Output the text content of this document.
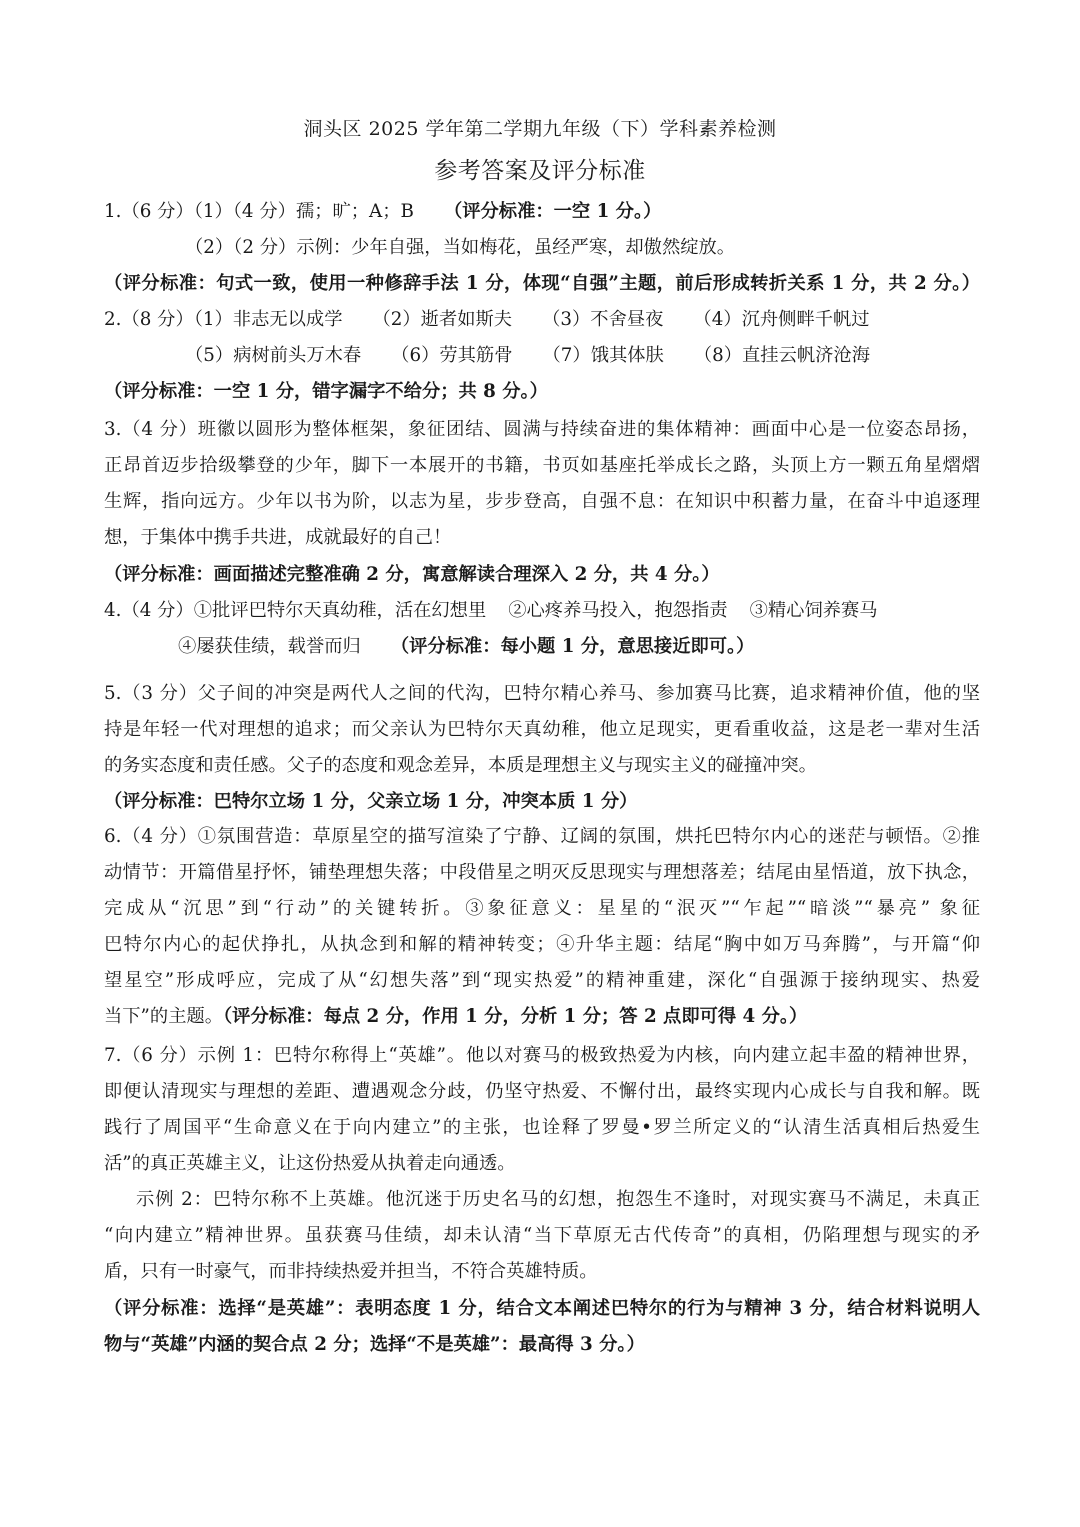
洞头区 2025 学年第二学期九年级（下）学科素养检测
参考答案及评分标准
1.（6 分）（1）（4 分）孺；旷；A；B （评分标准：一空 1 分。）
（2）（2 分）示例：少年自强，当如梅花，虽经严寒，却傲然绽放。
（评分标准：句式一致，使用一种修辞手法 1 分，体现“自强”主题，前后形成转折关系 1 分，共 2 分。）
2.（8 分）（1）非志无以成学 （2）逝者如斯夫 （3）不舍昼夜 （4）沉舟侧畔千帆过
（5）病树前头万木春 （6）劳其筋骨 （7）饿其体肤 （8）直挂云帆济沧海
（评分标准：一空 1 分，错字漏字不给分；共 8 分。）
3.（4 分）班徽以圆形为整体框架，象征团结、圆满与持续奋进的集体精神：画面中心是一位姿态昂扬，
正昂首迈步拾级攀登的少年，脚下一本展开的书籍，书页如基座托举成长之路，头顶上方一颗五角星熠熠
生辉，指向远方。少年以书为阶，以志为星，步步登高，自强不息：在知识中积蓄力量，在奋斗中追逐理
想，于集体中携手共进，成就最好的自己！
（评分标准：画面描述完整准确 2 分，寓意解读合理深入 2 分，共 4 分。）
4.（4 分）①批评巴特尔天真幼稚，活在幻想里 ②心疼养马投入，抱怨指责 ③精心饲养赛马
④屡获佳绩，载誉而归 （评分标准：每小题 1 分，意思接近即可。）
5.（3 分）父子间的冲突是两代人之间的代沟，巴特尔精心养马、参加赛马比赛，追求精神价值，他的坚
持是年轻一代对理想的追求；而父亲认为巴特尔天真幼稚，他立足现实，更看重收益，这是老一辈对生活
的务实态度和责任感。父子的态度和观念差异，本质是理想主义与现实主义的碰撞冲突。
（评分标准：巴特尔立场 1 分，父亲立场 1 分，冲突本质 1 分）
6.（4 分）①氛围营造：草原星空的描写渲染了宁静、辽阔的氛围，烘托巴特尔内心的迷茫与顿悟。②推
动情节：开篇借星抒怀，铺垫理想失落；中段借星之明灭反思现实与理想落差；结尾由星悟道，放下执念，
完成从“沉思”到“行动”的关键转折。③象征意义：星星的“泯灭”“乍起”“暗淡”“暴亮” 象征
巴特尔内心的起伏挣扎，从执念到和解的精神转变；④升华主题：结尾“胸中如万马奔腾”，与开篇“仰
望星空”形成呼应，完成了从“幻想失落”到“现实热爱”的精神重建，深化“自强源于接纳现实、热爱
当下”的主题。（评分标准：每点 2 分，作用 1 分，分析 1 分；答 2 点即可得 4 分。）
7.（6 分）示例 1：巴特尔称得上“英雄”。他以对赛马的极致热爱为内核，向内建立起丰盈的精神世界，
即便认清现实与理想的差距、遭遇观念分歧，仍坚守热爱、不懈付出，最终实现内心成长与自我和解。既
践行了周国平“生命意义在于向内建立”的主张，也诠释了罗曼•罗兰所定义的“认清生活真相后热爱生
活”的真正英雄主义，让这份热爱从执着走向通透。
示例 2：巴特尔称不上英雄。他沉迷于历史名马的幻想，抱怨生不逢时，对现实赛马不满足，未真正
“向内建立”精神世界。虽获赛马佳绩，却未认清“当下草原无古代传奇”的真相，仍陷理想与现实的矛
盾，只有一时豪气，而非持续热爱并担当，不符合英雄特质。
（评分标准：选择“是英雄”：表明态度 1 分，结合文本阐述巴特尔的行为与精神 3 分，结合材料说明人
物与“英雄”内涵的契合点 2 分；选择“不是英雄”：最高得 3 分。）
